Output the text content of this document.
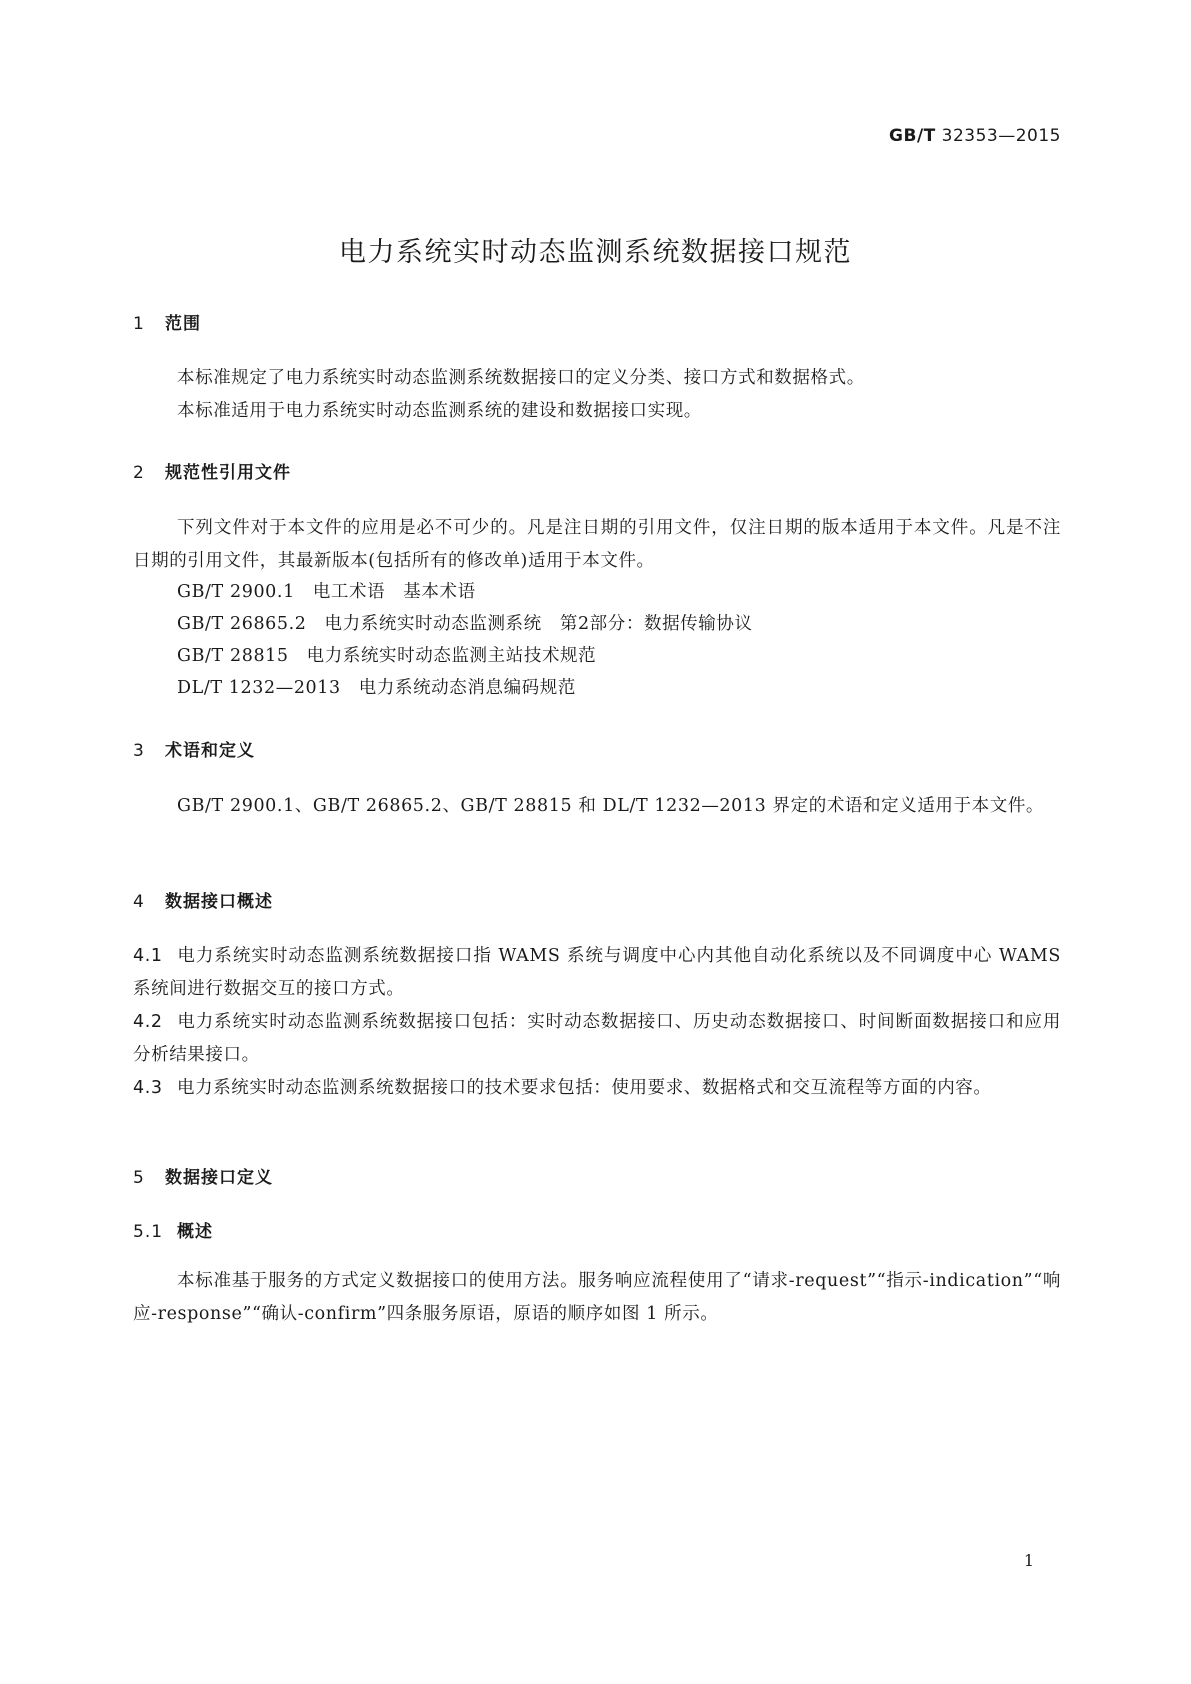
GB/T 32353—2015
电力系统实时动态监测系统数据接口规范
1 范围

本标准规定了电力系统实时动态监测系统数据接口的定义分类、接口方式和数据格式。

本标准适用于电力系统实时动态监测系统的建设和数据接口实现。

2 规范性引用文件

下列文件对于本文件的应用是必不可少的。凡是注日期的引用文件，仅注日期的版本适用于本文件。凡是不注日期的引用文件，其最新版本(包括所有的修改单)适用于本文件。

GB/T 2900.1 电工术语　基本术语
GB/T 26865.2 电力系统实时动态监测系统　第2部分：数据传输协议
GB/T 28815 电力系统实时动态监测主站技术规范
DL/T 1232—2013 电力系统动态消息编码规范
3 术语和定义

GB/T 2900.1、GB/T 26865.2、GB/T 28815 和 DL/T 1232—2013 界定的术语和定义适用于本文件。

4 数据接口概述

4.1 电力系统实时动态监测系统数据接口指 WAMS 系统与调度中心内其他自动化系统以及不同调度中心 WAMS 系统间进行数据交互的接口方式。

4.2 电力系统实时动态监测系统数据接口包括：实时动态数据接口、历史动态数据接口、时间断面数据接口和应用分析结果接口。

4.3 电力系统实时动态监测系统数据接口的技术要求包括：使用要求、数据格式和交互流程等方面的内容。

5 数据接口定义
5.1 概述

本标准基于服务的方式定义数据接口的使用方法。服务响应流程使用了“请求-request”“指示-indication”“响应-response”“确认-confirm”四条服务原语，原语的顺序如图 1 所示。

1
